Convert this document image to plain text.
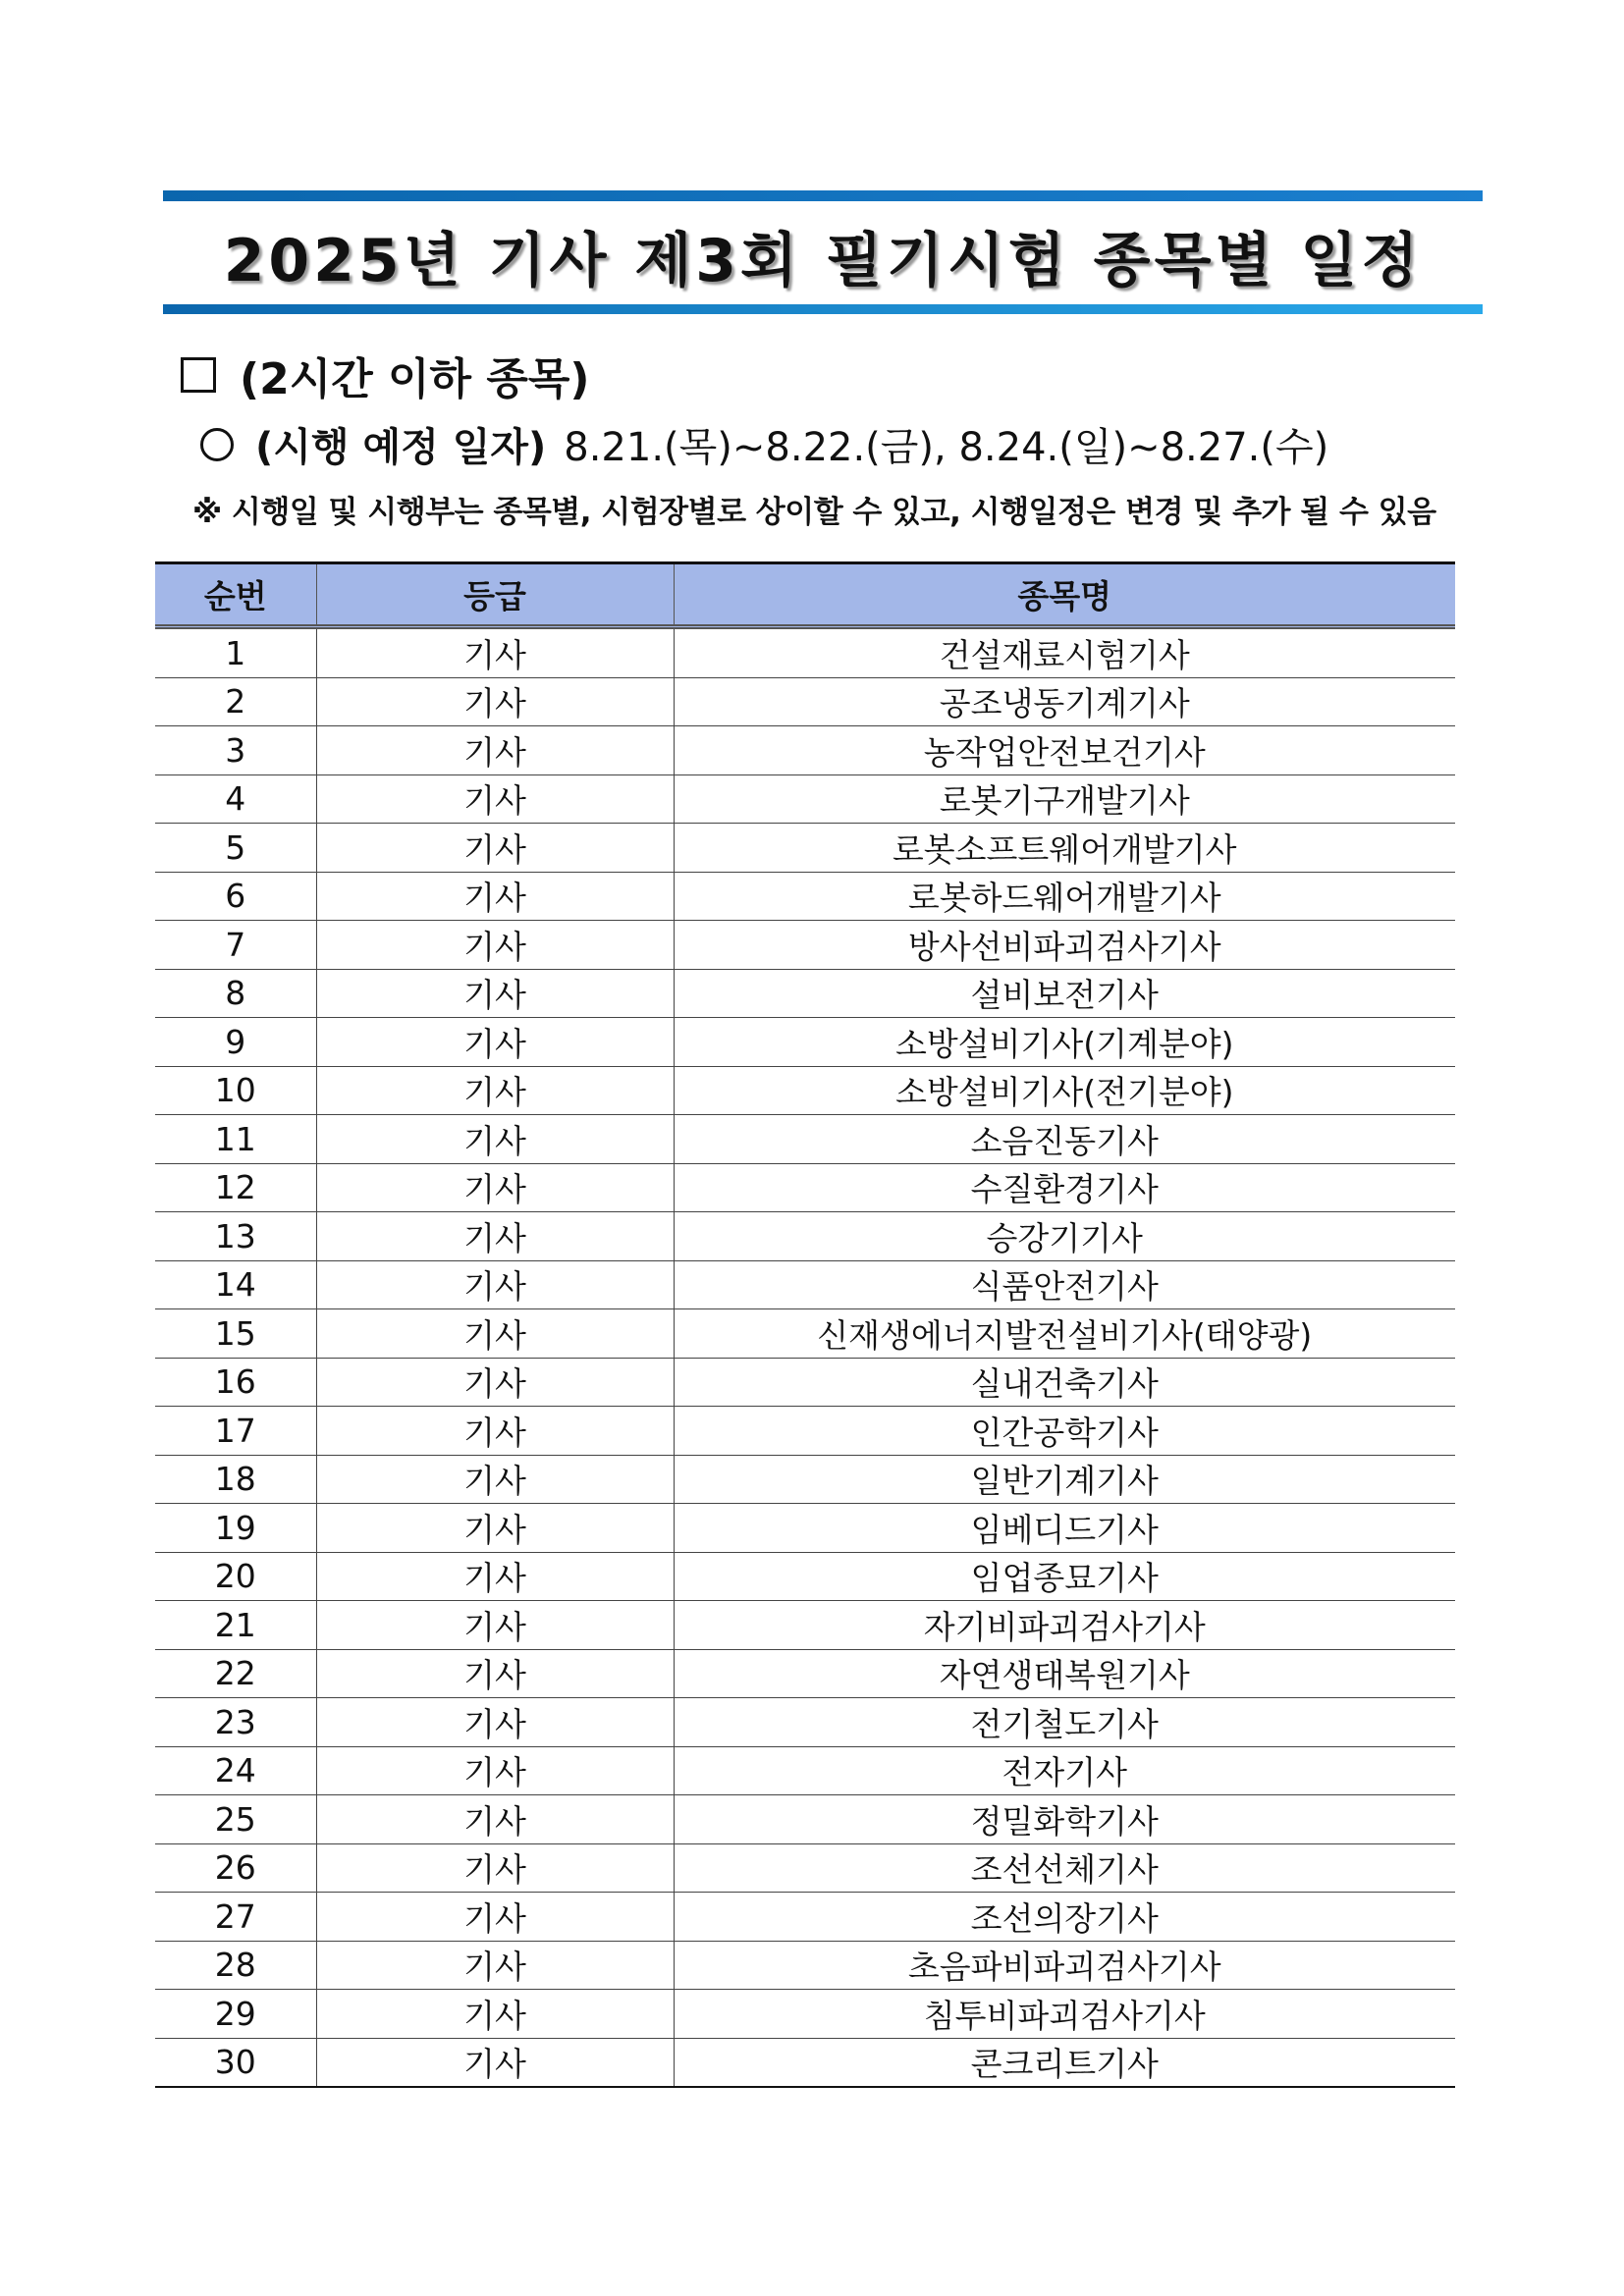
2025년 기사 제3회 필기시험 종목별 일정
(2시간 이하 종목)
(시행 예정 일자) 8.21.(목)~8.22.(금), 8.24.(일)~8.27.(수)
※ 시행일 및 시행부는 종목별, 시험장별로 상이할 수 있고, 시행일정은 변경 및 추가 될 수 있음
순번	등급	종목명
1	기사	건설재료시험기사
2	기사	공조냉동기계기사
3	기사	농작업안전보건기사
4	기사	로봇기구개발기사
5	기사	로봇소프트웨어개발기사
6	기사	로봇하드웨어개발기사
7	기사	방사선비파괴검사기사
8	기사	설비보전기사
9	기사	소방설비기사(기계분야)
10	기사	소방설비기사(전기분야)
11	기사	소음진동기사
12	기사	수질환경기사
13	기사	승강기기사
14	기사	식품안전기사
15	기사	신재생에너지발전설비기사(태양광)
16	기사	실내건축기사
17	기사	인간공학기사
18	기사	일반기계기사
19	기사	임베디드기사
20	기사	임업종묘기사
21	기사	자기비파괴검사기사
22	기사	자연생태복원기사
23	기사	전기철도기사
24	기사	전자기사
25	기사	정밀화학기사
26	기사	조선선체기사
27	기사	조선의장기사
28	기사	초음파비파괴검사기사
29	기사	침투비파괴검사기사
30	기사	콘크리트기사
